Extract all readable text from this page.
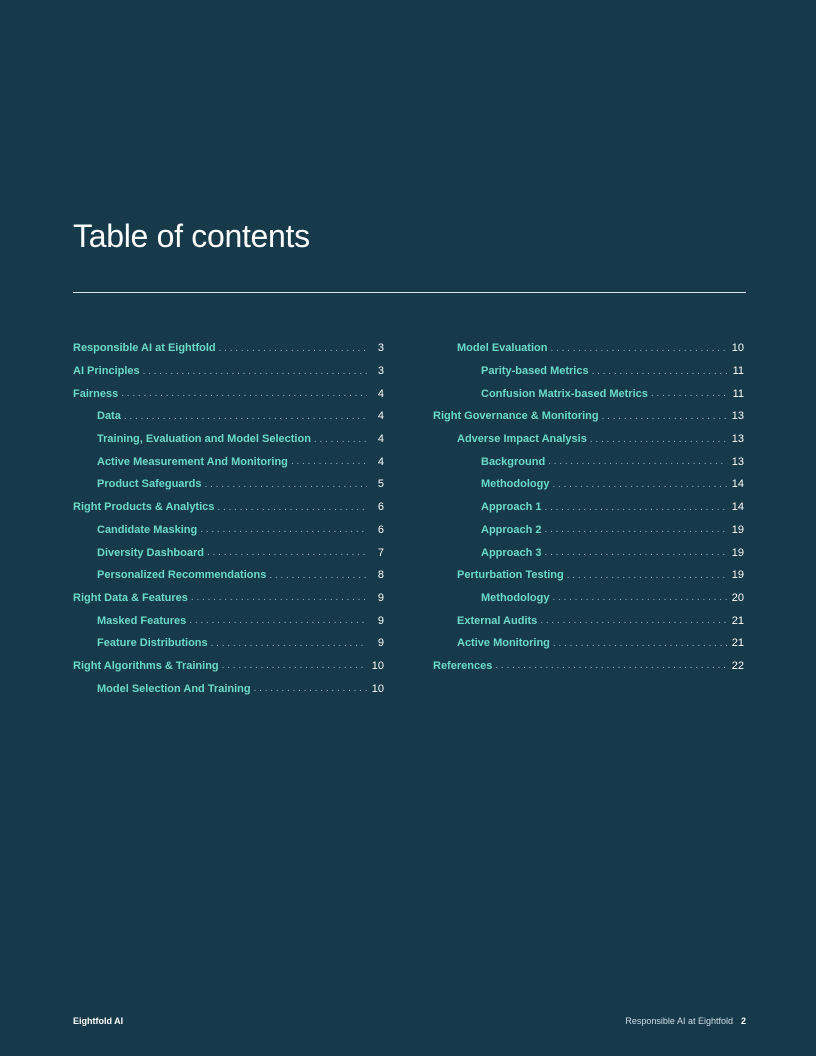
Table of contents
Responsible AI at Eightfold . . .	3
AI Principles . . .	3
Fairness . . .	4
Data . . .	4
Training, Evaluation and Model Selection . . .	4
Active Measurement And Monitoring . . .	4
Product Safeguards . . .	5
Right Products & Analytics . . .	6
Candidate Masking . . .	6
Diversity Dashboard . . .	7
Personalized Recommendations . . .	8
Right Data & Features . . .	9
Masked Features . . .	9
Feature Distributions . . .	9
Right Algorithms & Training . . .	10
Model Selection And Training . . .	10
Model Evaluation . . .	10
Parity-based Metrics . . .	11
Confusion Matrix-based Metrics . . .	11
Right Governance & Monitoring . . .	13
Adverse Impact Analysis . . .	13
Background . . .	13
Methodology . . .	14
Approach 1 . . .	14
Approach 2 . . .	19
Approach 3 . . .	19
Perturbation Testing . . .	19
Methodology . . .	20
External Audits . . .	21
Active Monitoring . . .	21
References . . .	22
Eightfold AI	Responsible AI at Eightfold 2
